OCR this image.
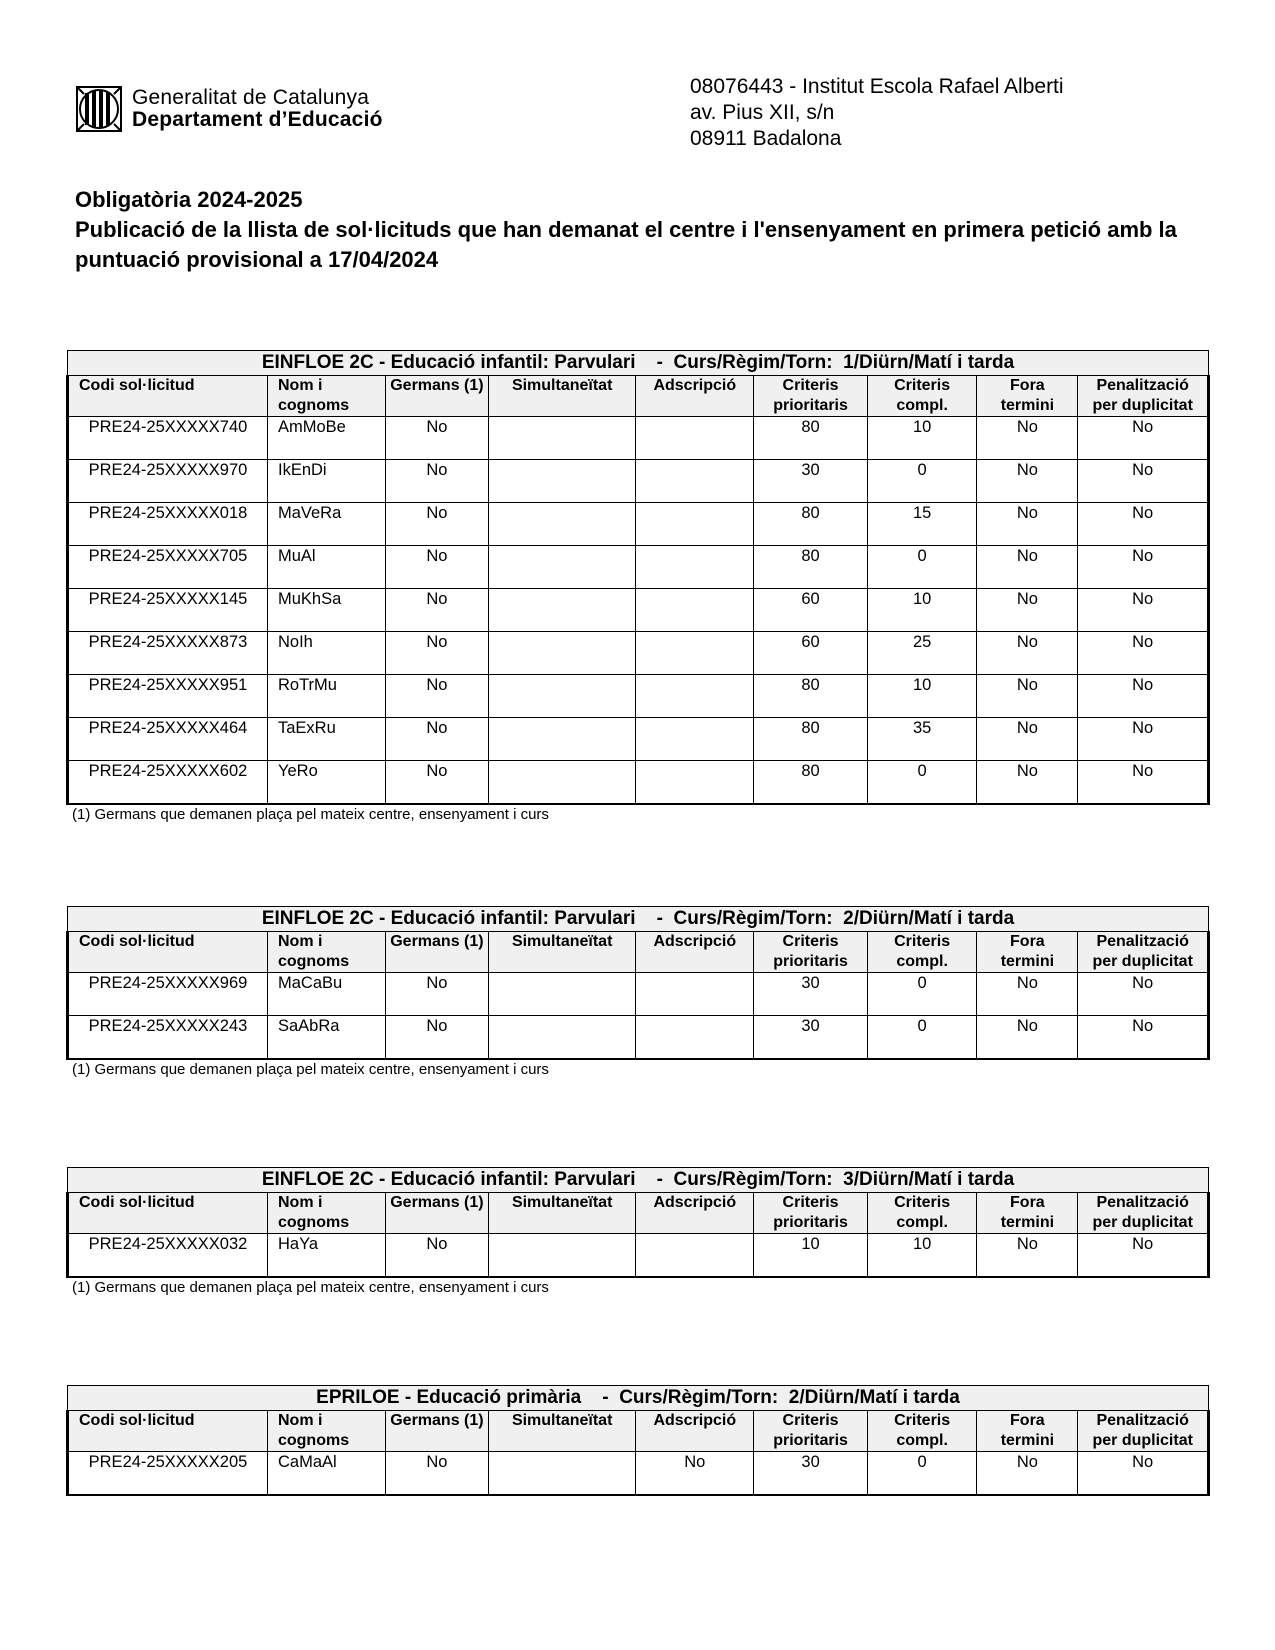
Generalitat de Catalunya
Departament d’Educació
08076443 - Institut Escola Rafael Alberti
av. Pius XII, s/n
08911 Badalona
Obligatòria 2024-2025
Publicació de la llista de sol·licituds que han demanat el centre i l'ensenyament en primera petició amb la puntuació provisional a 17/04/2024
EINFLOE 2C - Educació infantil: Parvulari    -  Curs/Règim/Torn:  1/Diürn/Matí i tarda								
Codi sol·licitud	Nom i cognoms	Germans (1)	Simultaneïtat	Adscripció	Criteris prioritaris	Criteris compl.	Fora termini	Penalització per duplicitat
PRE24-25XXXXX740	AmMoBe	No			80	10	No	No
PRE24-25XXXXX970	IkEnDi	No			30	0	No	No
PRE24-25XXXXX018	MaVeRa	No			80	15	No	No
PRE24-25XXXXX705	MuAl	No			80	0	No	No
PRE24-25XXXXX145	MuKhSa	No			60	10	No	No
PRE24-25XXXXX873	NoIh	No			60	25	No	No
PRE24-25XXXXX951	RoTrMu	No			80	10	No	No
PRE24-25XXXXX464	TaExRu	No			80	35	No	No
PRE24-25XXXXX602	YeRo	No			80	0	No	No
(1) Germans que demanen plaça pel mateix centre, ensenyament i curs
EINFLOE 2C - Educació infantil: Parvulari    -  Curs/Règim/Torn:  2/Diürn/Matí i tarda								
Codi sol·licitud	Nom i cognoms	Germans (1)	Simultaneïtat	Adscripció	Criteris prioritaris	Criteris compl.	Fora termini	Penalització per duplicitat
PRE24-25XXXXX969	MaCaBu	No			30	0	No	No
PRE24-25XXXXX243	SaAbRa	No			30	0	No	No
(1) Germans que demanen plaça pel mateix centre, ensenyament i curs
EINFLOE 2C - Educació infantil: Parvulari    -  Curs/Règim/Torn:  3/Diürn/Matí i tarda								
Codi sol·licitud	Nom i cognoms	Germans (1)	Simultaneïtat	Adscripció	Criteris prioritaris	Criteris compl.	Fora termini	Penalització per duplicitat
PRE24-25XXXXX032	HaYa	No			10	10	No	No
(1) Germans que demanen plaça pel mateix centre, ensenyament i curs
EPRILOE - Educació primària    -  Curs/Règim/Torn:  2/Diürn/Matí i tarda								
Codi sol·licitud	Nom i cognoms	Germans (1)	Simultaneïtat	Adscripció	Criteris prioritaris	Criteris compl.	Fora termini	Penalització per duplicitat
PRE24-25XXXXX205	CaMaAl	No		No	30	0	No	No
